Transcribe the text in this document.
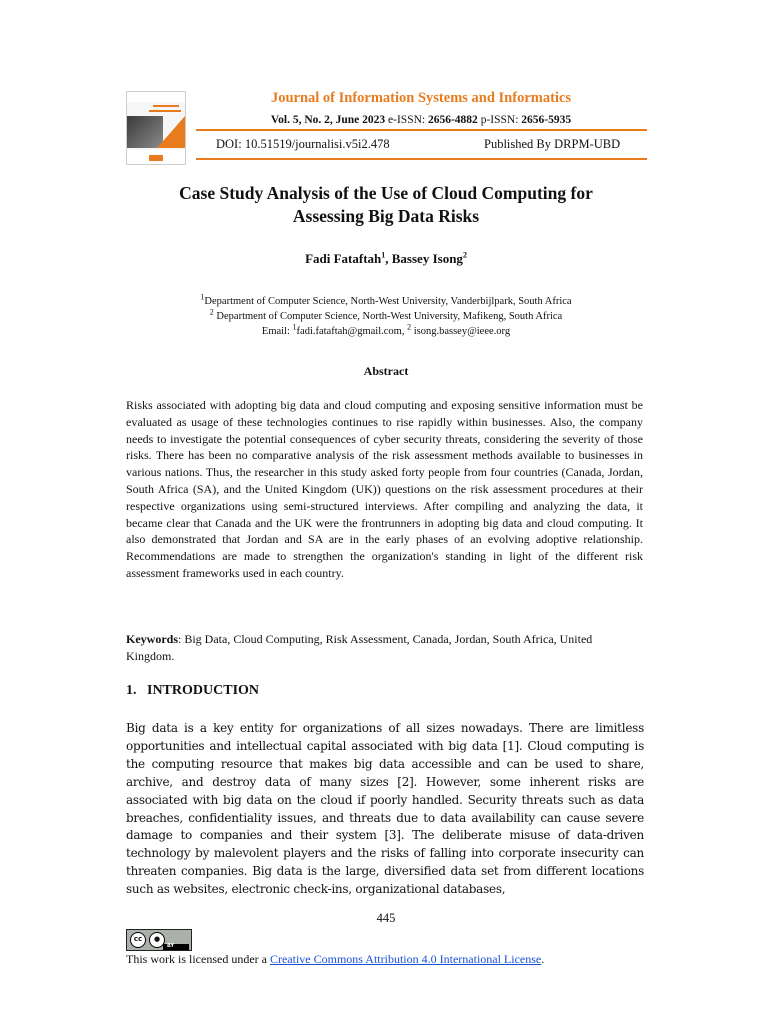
Journal of Information Systems and Informatics
Vol. 5, No. 2, June 2023 e-ISSN: 2656-4882 p-ISSN: 2656-5935
DOI: 10.51519/journalisi.v5i2.478	Published By DRPM-UBD
Case Study Analysis of the Use of Cloud Computing for
Assessing Big Data Risks
Fadi Fataftah$^1$, Bassey Isong$^2$
$^1$Department of Computer Science, North-West University, Vanderbijlpark, South Africa
$^2$ Department of Computer Science, North-West University, Mafikeng, South Africa
Email: $^1$fadi.fataftah@gmail.com, $^2$ isong.bassey@ieee.org
Abstract
Risks associated with adopting big data and cloud computing and exposing sensitive information must be evaluated as usage of these technologies continues to rise rapidly within businesses. Also, the company needs to investigate the potential consequences of cyber security threats, considering the severity of those risks. There has been no comparative analysis of the risk assessment methods available to businesses in various nations. Thus, the researcher in this study asked forty people from four countries (Canada, Jordan, South Africa (SA), and the United Kingdom (UK)) questions on the risk assessment procedures at their respective organizations using semi-structured interviews. After compiling and analyzing the data, it became clear that Canada and the UK were the frontrunners in adopting big data and cloud computing. It also demonstrated that Jordan and SA are in the early phases of an evolving adoptive relationship. Recommendations are made to strengthen the organization's standing in light of the different risk assessment frameworks used in each country.
Keywords: Big Data, Cloud Computing, Risk Assessment, Canada, Jordan, South Africa, United Kingdom.
1.   INTRODUCTION
Big data is a key entity for organizations of all sizes nowadays. There are limitless opportunities and intellectual capital associated with big data [1]. Cloud computing is the computing resource that makes big data accessible and can be used to share, archive, and destroy data of many sizes [2]. However, some inherent risks are associated with big data on the cloud if poorly handled. Security threats such as data breaches, confidentiality issues, and threats due to data availability can cause severe damage to companies and their system [3]. The deliberate misuse of data-driven technology by malevolent players and the risks of falling into corporate insecurity can threaten companies. Big data is the large, diversified data set from different locations such as websites, electronic check-ins, organizational databases,
445
cc	●
BY
This work is licensed under a Creative Commons Attribution 4.0 International License.
